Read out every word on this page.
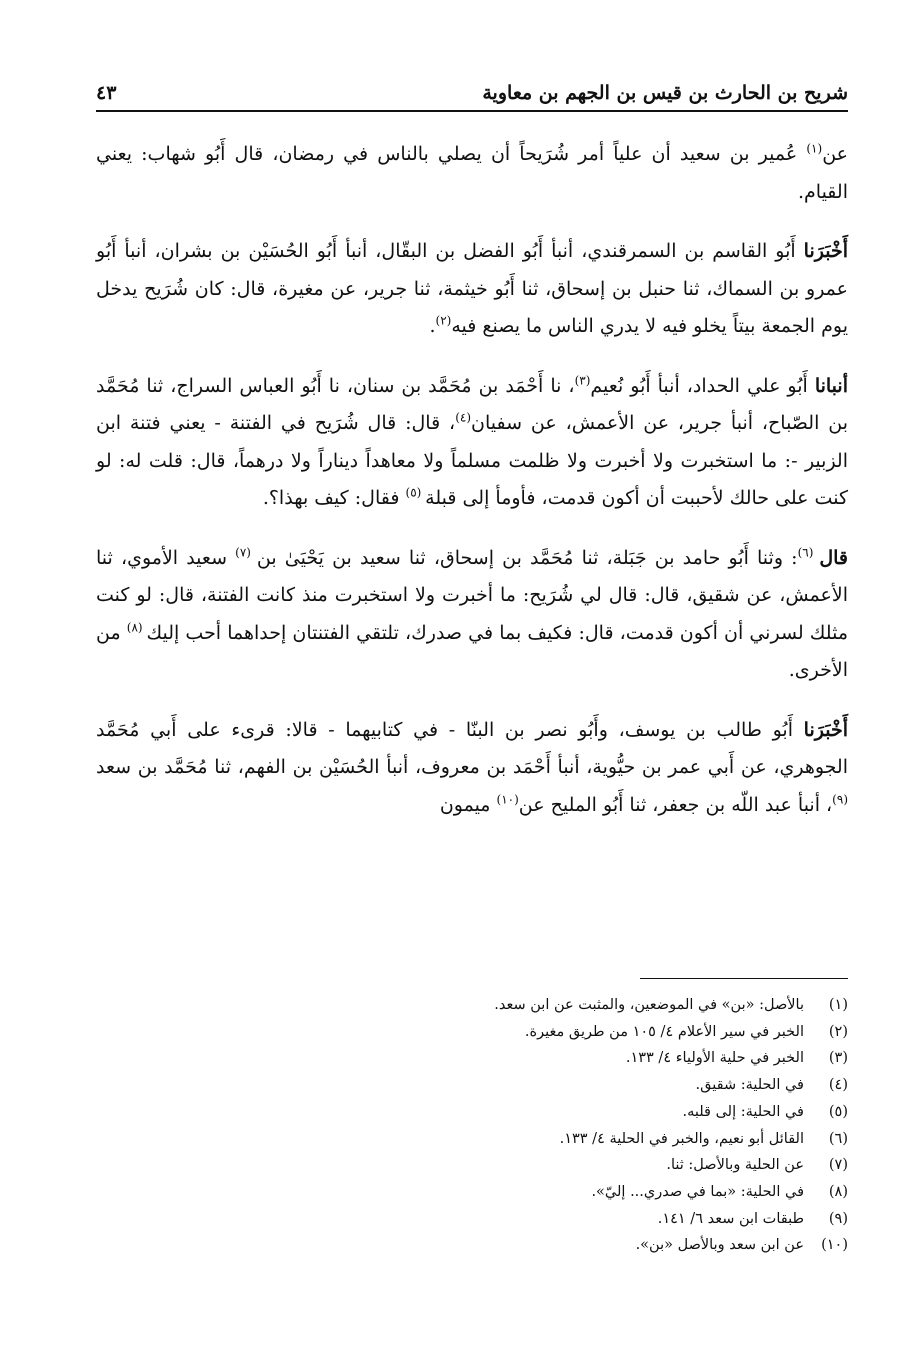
شريح بن الحارث بن قيس بن الجهم بن معاوية
٤٣

عن$^{(١)}$ عُمير بن سعيد أن علياً أمر شُرَيحاً أن يصلي بالناس في رمضان، قال أَبُو شهاب: يعني القيام.

أَخْبَرَنا أَبُو القاسم بن السمرقندي، أنبأ أَبُو الفضل بن البقّال، أنبأ أَبُو الحُسَيْن بن بشران، أنبأ أَبُو عمرو بن السماك، ثنا حنبل بن إسحاق، ثنا أَبُو خيثمة، ثنا جرير، عن مغيرة، قال: كان شُرَيح يدخل يوم الجمعة بيتاً يخلو فيه لا يدري الناس ما يصنع فيه$^{(٢)}$.

أنبانا أَبُو علي الحداد، أنبأ أَبُو نُعيم$^{(٣)}$، نا أَحْمَد بن مُحَمَّد بن سنان، نا أَبُو العباس السراج، ثنا مُحَمَّد بن الصّباح، أنبأ جرير، عن الأعمش، عن سفيان$^{(٤)}$، قال: قال شُرَيح في الفتنة - يعني فتنة ابن الزبير -: ما استخبرت ولا أخبرت ولا ظلمت مسلماً ولا معاهداً ديناراً ولا درهماً، قال: قلت له: لو كنت على حالك لأحببت أن أكون قدمت، فأومأ إلى قبلة $^{(٥)}$ فقال: كيف بهذا؟.

قال $^{(٦)}$: وثنا أَبُو حامد بن جَبَلة، ثنا مُحَمَّد بن إسحاق، ثنا سعيد بن يَحْيَىٰ بن $^{(٧)}$ سعيد الأموي، ثنا الأعمش، عن شقيق، قال: قال لي شُرَيح: ما أخبرت ولا استخبرت منذ كانت الفتنة، قال: لو كنت مثلك لسرني أن أكون قدمت، قال: فكيف بما في صدرك، تلتقي الفتنتان إحداهما أحب إليك $^{(٨)}$ من الأخرى.

أَخْبَرَنا أَبُو طالب بن يوسف، وأَبُو نصر بن البنّا - في كتابيهما - قالا: قرىء على أَبي مُحَمَّد الجوهري، عن أَبي عمر بن حيُّوية، أنبأ أَحْمَد بن معروف، أنبأ الحُسَيْن بن الفهم، ثنا مُحَمَّد بن سعد $^{(٩)}$، أنبأ عبد اللّه بن جعفر، ثنا أَبُو المليح عن$^{(١٠)}$ ميمون

(١)
بالأصل: «بن» في الموضعين، والمثبت عن ابن سعد.
(٢)
الخبر في سير الأعلام ٤/ ١٠٥ من طريق مغيرة.
(٣)
الخبر في حلية الأولياء ٤/ ١٣٣.
(٤)
في الحلية: شقيق.
(٥)
في الحلية: إلى قلبه.
(٦)
القائل أبو نعيم، والخبر في الحلية ٤/ ١٣٣.
(٧)
عن الحلية وبالأصل: ثنا.
(٨)
في الحلية: «بما في صدري... إليّ».
(٩)
طبقات ابن سعد ٦/ ١٤١.
(١٠)
عن ابن سعد وبالأصل «بن».
